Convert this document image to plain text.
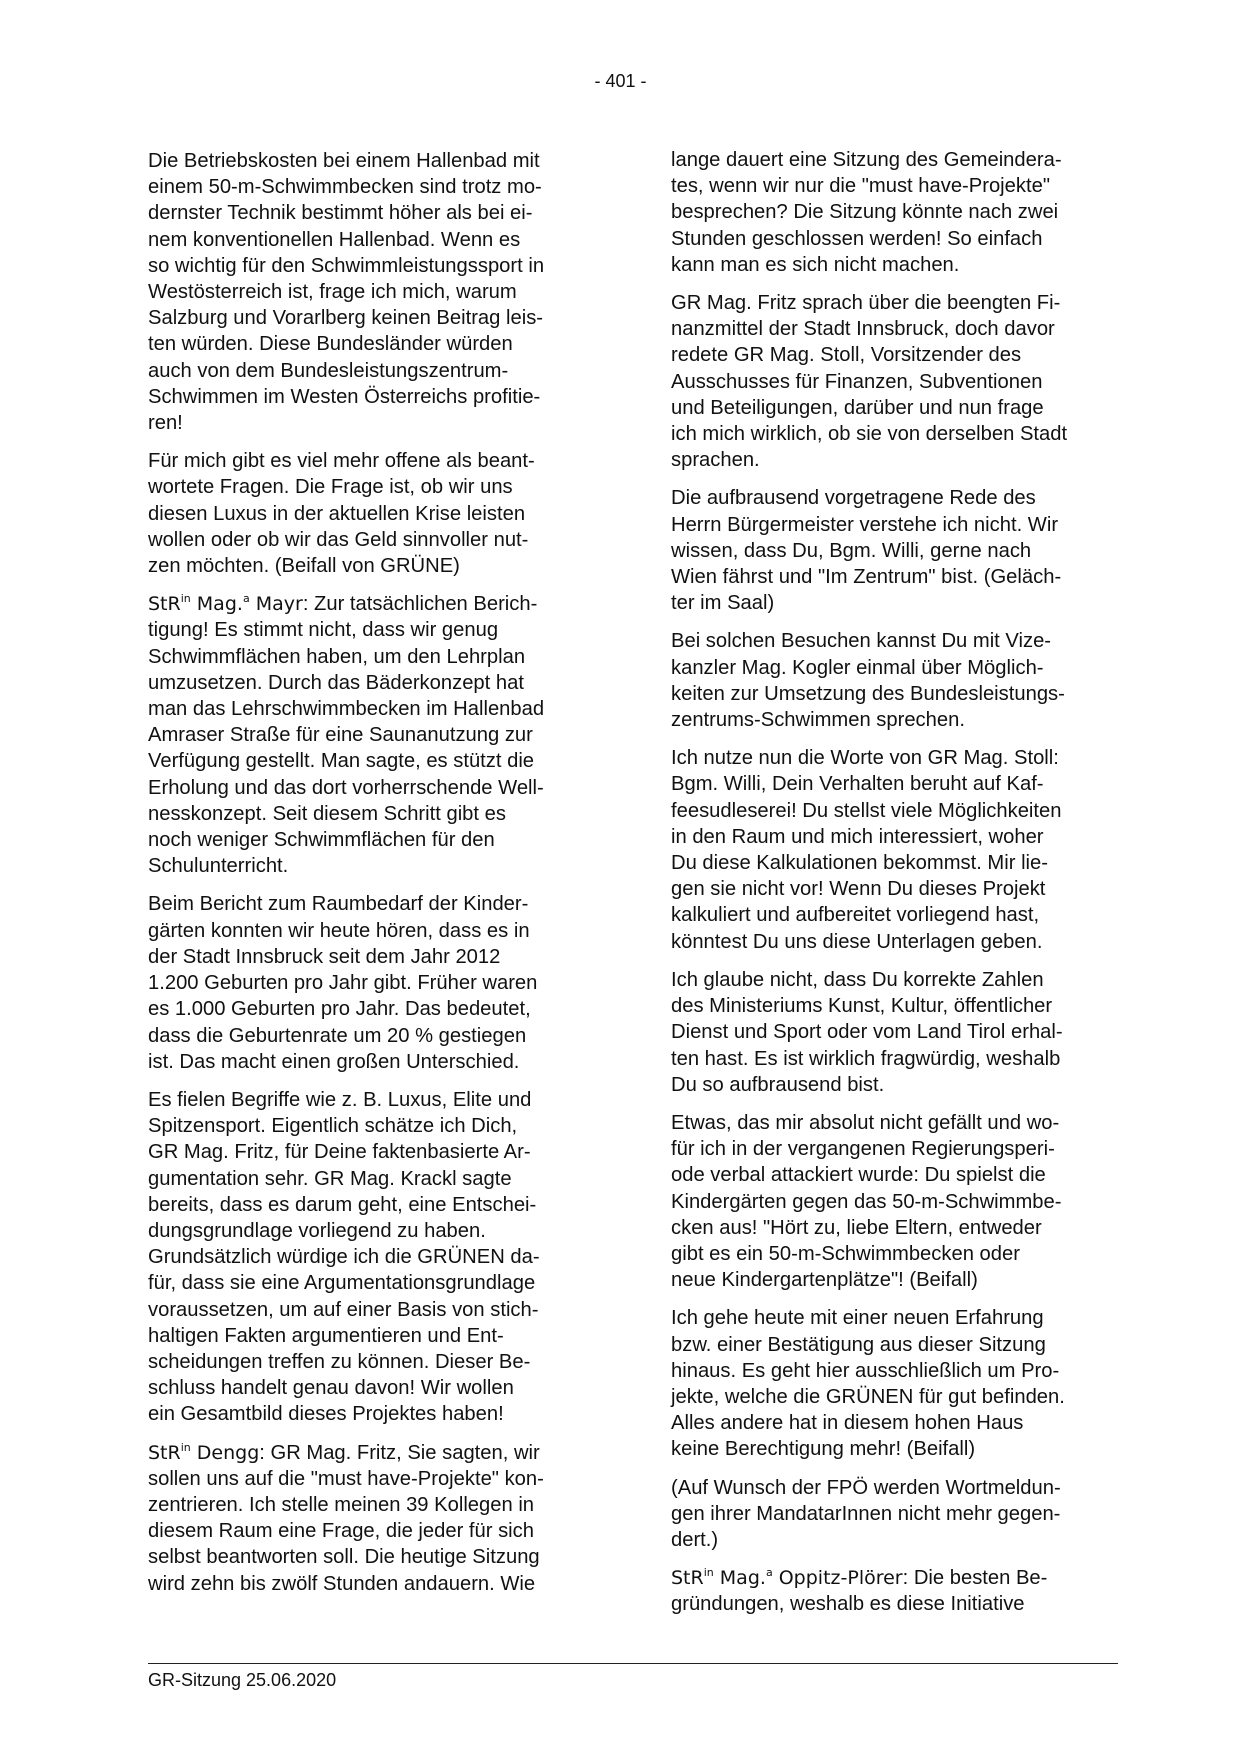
- 401 -

Die Betriebskosten bei einem Hallenbad mit
einem 50-m-Schwimmbecken sind trotz mo-
dernster Technik bestimmt höher als bei ei-
nem konventionellen Hallenbad. Wenn es
so wichtig für den Schwimmleistungssport in
Westösterreich ist, frage ich mich, warum
Salzburg und Vorarlberg keinen Beitrag leis-
ten würden. Diese Bundesländer würden
auch von dem Bundesleistungszentrum-
Schwimmen im Westen Österreichs profitie-
ren!

Für mich gibt es viel mehr offene als beant-
wortete Fragen. Die Frage ist, ob wir uns
diesen Luxus in der aktuellen Krise leisten
wollen oder ob wir das Geld sinnvoller nut-
zen möchten. (Beifall von GRÜNE)

StR$^{in}$ Mag.$^a$ Mayr: Zur tatsächlichen Berich-
tigung! Es stimmt nicht, dass wir genug
Schwimmflächen haben, um den Lehrplan
umzusetzen. Durch das Bäderkonzept hat
man das Lehrschwimmbecken im Hallenbad
Amraser Straße für eine Saunanutzung zur
Verfügung gestellt. Man sagte, es stützt die
Erholung und das dort vorherrschende Well-
nesskonzept. Seit diesem Schritt gibt es
noch weniger Schwimmflächen für den
Schulunterricht.

Beim Bericht zum Raumbedarf der Kinder-
gärten konnten wir heute hören, dass es in
der Stadt Innsbruck seit dem Jahr 2012
1.200 Geburten pro Jahr gibt. Früher waren
es 1.000 Geburten pro Jahr. Das bedeutet,
dass die Geburtenrate um 20 % gestiegen
ist. Das macht einen großen Unterschied.

Es fielen Begriffe wie z. B. Luxus, Elite und
Spitzensport. Eigentlich schätze ich Dich,
GR Mag. Fritz, für Deine faktenbasierte Ar-
gumentation sehr. GR Mag. Krackl sagte
bereits, dass es darum geht, eine Entschei-
dungsgrundlage vorliegend zu haben.
Grundsätzlich würdige ich die GRÜNEN da-
für, dass sie eine Argumentationsgrundlage
voraussetzen, um auf einer Basis von stich-
haltigen Fakten argumentieren und Ent-
scheidungen treffen zu können. Dieser Be-
schluss handelt genau davon! Wir wollen
ein Gesamtbild dieses Projektes haben!

StR$^{in}$ Dengg: GR Mag. Fritz, Sie sagten, wir
sollen uns auf die "must have-Projekte" kon-
zentrieren. Ich stelle meinen 39 Kollegen in
diesem Raum eine Frage, die jeder für sich
selbst beantworten soll. Die heutige Sitzung
wird zehn bis zwölf Stunden andauern. Wie

lange dauert eine Sitzung des Gemeindera-
tes, wenn wir nur die "must have-Projekte"
besprechen? Die Sitzung könnte nach zwei
Stunden geschlossen werden! So einfach
kann man es sich nicht machen.

GR Mag. Fritz sprach über die beengten Fi-
nanzmittel der Stadt Innsbruck, doch davor
redete GR Mag. Stoll, Vorsitzender des
Ausschusses für Finanzen, Subventionen
und Beteiligungen, darüber und nun frage
ich mich wirklich, ob sie von derselben Stadt
sprachen.

Die aufbrausend vorgetragene Rede des
Herrn Bürgermeister verstehe ich nicht. Wir
wissen, dass Du, Bgm. Willi, gerne nach
Wien fährst und "Im Zentrum" bist. (Geläch-
ter im Saal)

Bei solchen Besuchen kannst Du mit Vize-
kanzler Mag. Kogler einmal über Möglich-
keiten zur Umsetzung des Bundesleistungs-
zentrums-Schwimmen sprechen.

Ich nutze nun die Worte von GR Mag. Stoll:
Bgm. Willi, Dein Verhalten beruht auf Kaf-
feesudleserei! Du stellst viele Möglichkeiten
in den Raum und mich interessiert, woher
Du diese Kalkulationen bekommst. Mir lie-
gen sie nicht vor! Wenn Du dieses Projekt
kalkuliert und aufbereitet vorliegend hast,
könntest Du uns diese Unterlagen geben.

Ich glaube nicht, dass Du korrekte Zahlen
des Ministeriums Kunst, Kultur, öffentlicher
Dienst und Sport oder vom Land Tirol erhal-
ten hast. Es ist wirklich fragwürdig, weshalb
Du so aufbrausend bist.

Etwas, das mir absolut nicht gefällt und wo-
für ich in der vergangenen Regierungsperi-
ode verbal attackiert wurde: Du spielst die
Kindergärten gegen das 50-m-Schwimmbe-
cken aus! "Hört zu, liebe Eltern, entweder
gibt es ein 50-m-Schwimmbecken oder
neue Kindergartenplätze"! (Beifall)

Ich gehe heute mit einer neuen Erfahrung
bzw. einer Bestätigung aus dieser Sitzung
hinaus. Es geht hier ausschließlich um Pro-
jekte, welche die GRÜNEN für gut befinden.
Alles andere hat in diesem hohen Haus
keine Berechtigung mehr! (Beifall)

(Auf Wunsch der FPÖ werden Wortmeldun-
gen ihrer MandatarInnen nicht mehr gegen-
dert.)

StR$^{in}$ Mag.$^a$ Oppitz-Plörer: Die besten Be-
gründungen, weshalb es diese Initiative

GR-Sitzung 25.06.2020
